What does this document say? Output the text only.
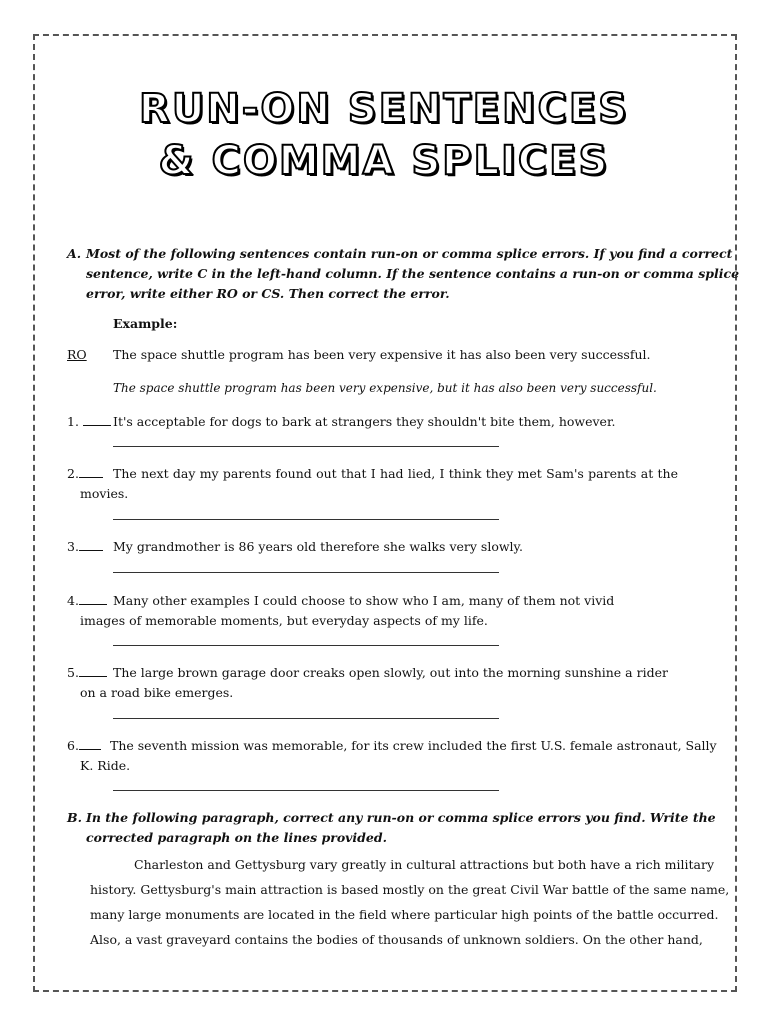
RUN-ON SENTENCES
& COMMA SPLICES
A. Most of the following sentences contain run-on or comma splice errors. If you find a correct
sentence, write C in the left-hand column. If the sentence contains a run-on or comma splice
error, write either RO or CS. Then correct the error.
Example:
RO The space shuttle program has been very expensive it has also been very successful.
The space shuttle program has been very expensive, but it has also been very successful.
1.	It's acceptable for dogs to bark at strangers they shouldn't bite them, however.
2.	The next day my parents found out that I had lied, I think they met Sam's parents at the
movies.
3.	My grandmother is 86 years old therefore she walks very slowly.
4.	Many other examples I could choose to show who I am, many of them not vivid
images of memorable moments, but everyday aspects of my life.
5.	The large brown garage door creaks open slowly, out into the morning sunshine a rider
on a road bike emerges.
6.	The seventh mission was memorable, for its crew included the first U.S. female astronaut, Sally
K. Ride.
B. In the following paragraph, correct any run-on or comma splice errors you find. Write the
corrected paragraph on the lines provided.
Charleston and Gettysburg vary greatly in cultural attractions but both have a rich military
history. Gettysburg's main attraction is based mostly on the great Civil War battle of the same name,
many large monuments are located in the field where particular high points of the battle occurred.
Also, a vast graveyard contains the bodies of thousands of unknown soldiers. On the other hand,
